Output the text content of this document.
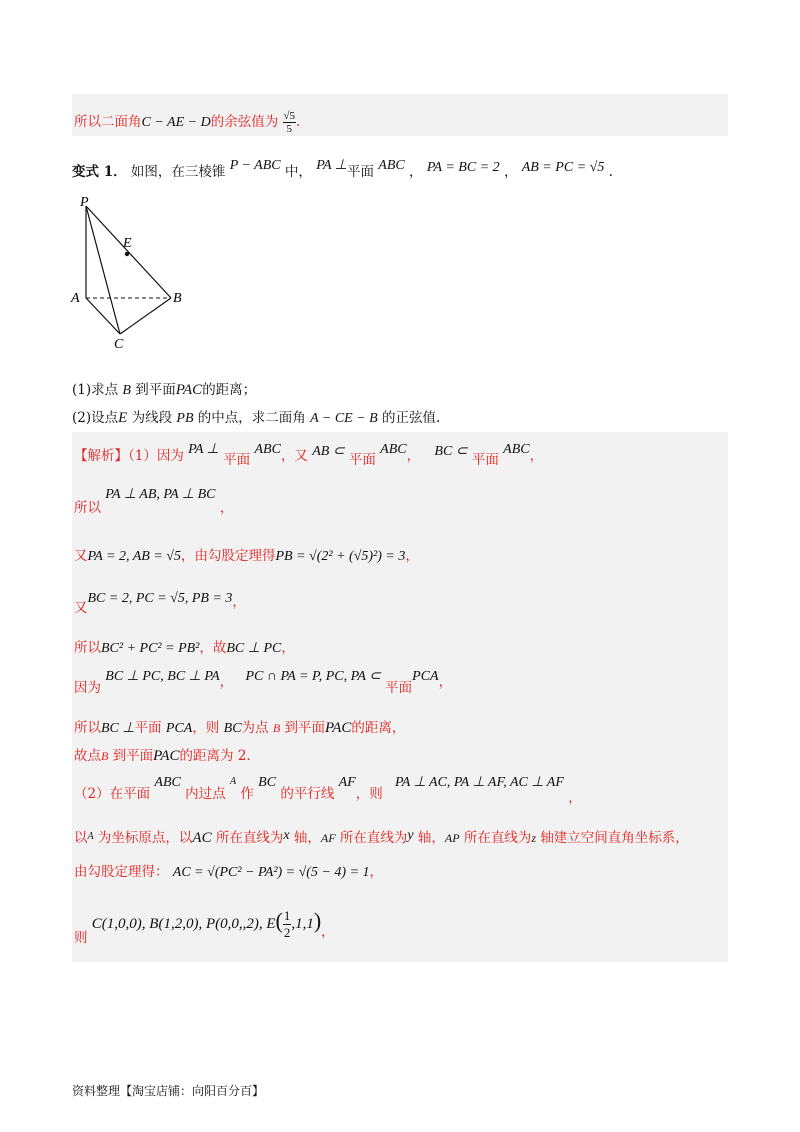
所以二面角C − AE − D的余弦值为 $\frac{√5}{5}$ .
变式 1． 如图，在三棱锥 P − ABC 中， PA ⊥平面 ABC ， PA = BC = 2 ， AB = PC = √5 .
P
E
A	B
C
(1)求点 B 到平面PAC的距离；
(2)设点E 为线段 PB 的中点，求二面角 A − CE − B 的正弦值.
【解析】（1）因为 PA ⊥ 平面 ABC，又 AB ⊂ 平面 ABC， BC ⊂ 平面 ABC，
所以 PA ⊥ AB, PA ⊥ BC ，
又PA = 2, AB = √5，由勾股定理得PB = √(2² + (√5)²) = 3，
又BC = 2, PC = √5, PB = 3，
所以BC² + PC² = PB²，故BC ⊥ PC，
因为 BC ⊥ PC, BC ⊥ PA， PC ∩ PA = P, PC, PA ⊂ 平面PCA，
所以BC ⊥平面 PCA，则 BC为点 B 到平面PAC的距离，
故点B 到平面PAC的距离为 2.
（2）在平面 ABC 内过点 $^A$ 作 BC 的平行线 AF，则 PA ⊥ AC, PA ⊥ AF, AC ⊥ AF ，
以$^A$ 为坐标原点，以AC 所在直线为x 轴，AF 所在直线为y 轴，AP 所在直线为z 轴建立空间直角坐标系，
由勾股定理得： AC = √(PC² − PA²) = √(5 − 4) = 1，
则 C(1,0,0), B(1,2,0), P(0,0,,2), $E( \frac{1}{2} ,1,1)$，
资料整理【淘宝店铺：向阳百分百】
